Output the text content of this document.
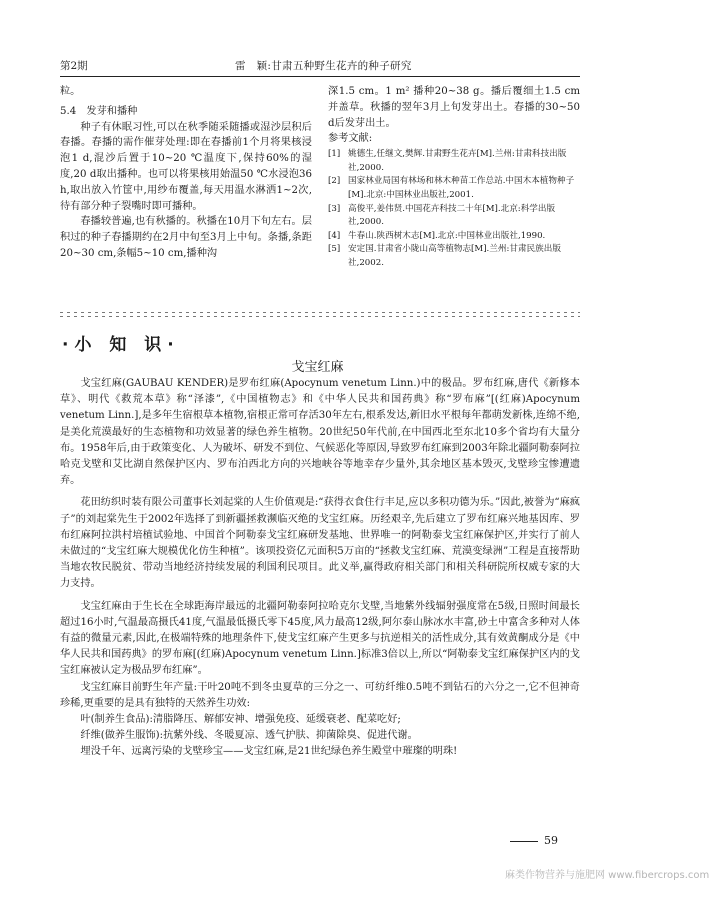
第2期	雷　颖:甘肃五种野生花卉的种子研究

粒。

5.4　发芽和播种

种子有休眠习性,可以在秋季随采随播或湿沙层积后春播。春播的需作催芽处理:即在春播前1个月将果核浸泡1 d,混沙后置于10~20 ℃温度下,保持60%的湿度,20 d取出播种。也可以将果核用始温50 ℃水浸泡36 h,取出放入竹筐中,用纱布覆盖,每天用温水淋洒1~2次,待有部分种子裂嘴时即可播种。

春播较普遍,也有秋播的。秋播在10月下旬左右。层积过的种子春播期约在2月中旬至3月上中旬。条播,条距20~30 cm,条幅5~10 cm,播种沟

深1.5 cm。1 m² 播种20~38 g。播后覆细土1.5 cm并盖草。秋播的翌年3月上旬发芽出土。春播的30~50 d后发芽出土。

参考文献:

[1] 姚德生,任继文,樊辉.甘肃野生花卉[M].兰州:甘肃科技出版社,2000.
[2] 国家林业局国有林场和林木种苗工作总站.中国木本植物种子[M].北京:中国林业出版社,2001.
[3] 高俊平,姜伟贤.中国花卉科技二十年[M].北京:科学出版社,2000.
[4] 牛春山.陕西树木志[M].北京:中国林业出版社,1990.
[5] 安定国.甘肃省小陇山高等植物志[M].兰州:甘肃民族出版社,2002.
·小 知 识·
戈宝红麻

戈宝红麻(GAUBAU KENDER)是罗布红麻(Apocynum venetum Linn.)中的极品。罗布红麻,唐代《新修本草》、明代《救荒本草》称“泽漆”,《中国植物志》和《中华人民共和国药典》称“罗布麻”[(红麻)Apocynum venetum Linn.],是多年生宿根草本植物,宿根正常可存活30年左右,根系发达,新旧水平根每年都萌发新株,连绵不绝,是美化荒漠最好的生态植物和功效显著的绿色养生植物。20世纪50年代前,在中国西北至东北10多个省均有大量分布。1958年后,由于政策变化、人为破坏、研发不到位、气候恶化等原因,导致罗布红麻到2003年除北疆阿勒泰阿拉哈克戈壁和艾比湖自然保护区内、罗布泊西北方向的兴地峡谷等地幸存少量外,其余地区基本毁灭,戈壁珍宝惨遭遗弃。

花田纺织时装有限公司董事长刘起棠的人生价值观是:“获得衣食住行丰足,应以多积功德为乐。”因此,被誉为“麻疯子”的刘起棠先生于2002年选择了到新疆拯救濒临灭绝的戈宝红麻。历经艰辛,先后建立了罗布红麻兴地基因库、罗布红麻阿拉洪村培植试验地、中国首个阿勒泰戈宝红麻研发基地、世界唯一的阿勒泰戈宝红麻保护区,并实行了前人未做过的“戈宝红麻大规模优化仿生种植”。该项投资亿元面积5万亩的“拯救戈宝红麻、荒漠变绿洲”工程是直接帮助当地农牧民脱贫、带动当地经济持续发展的利国利民项目。此义举,赢得政府相关部门和相关科研院所权威专家的大力支持。

戈宝红麻由于生长在全球距海岸最远的北疆阿勒泰阿拉哈克尔戈壁,当地紫外线辐射强度常在5级,日照时间最长超过16小时,气温最高摄氏41度,气温最低摄氏零下45度,风力最高12级,阿尔泰山脉冰水丰富,砂土中富含多种对人体有益的微量元素,因此,在极端特殊的地理条件下,使戈宝红麻产生更多与抗逆相关的活性成分,其有效黄酮成分是《中华人民共和国药典》的罗布麻[(红麻)Apocynum venetum Linn.]标准3倍以上,所以“阿勒泰戈宝红麻保护区内的戈宝红麻被认定为极品罗布红麻”。

戈宝红麻目前野生年产量:干叶20吨不到冬虫夏草的三分之一、可纺纤维0.5吨不到钻石的六分之一,它不但神奇珍稀,更重要的是具有独特的天然养生功效:

叶(制养生食品):清脂降压、解郁安神、增强免疫、延缓衰老、配菜吃好;

纤维(做养生服饰):抗紫外线、冬暖夏凉、透气护肤、抑菌除臭、促进代谢。

埋没千年、远离污染的戈壁珍宝——戈宝红麻,是21世纪绿色养生殿堂中璀璨的明珠!

59
麻类作物营养与施肥网 www.fibercrops.com
